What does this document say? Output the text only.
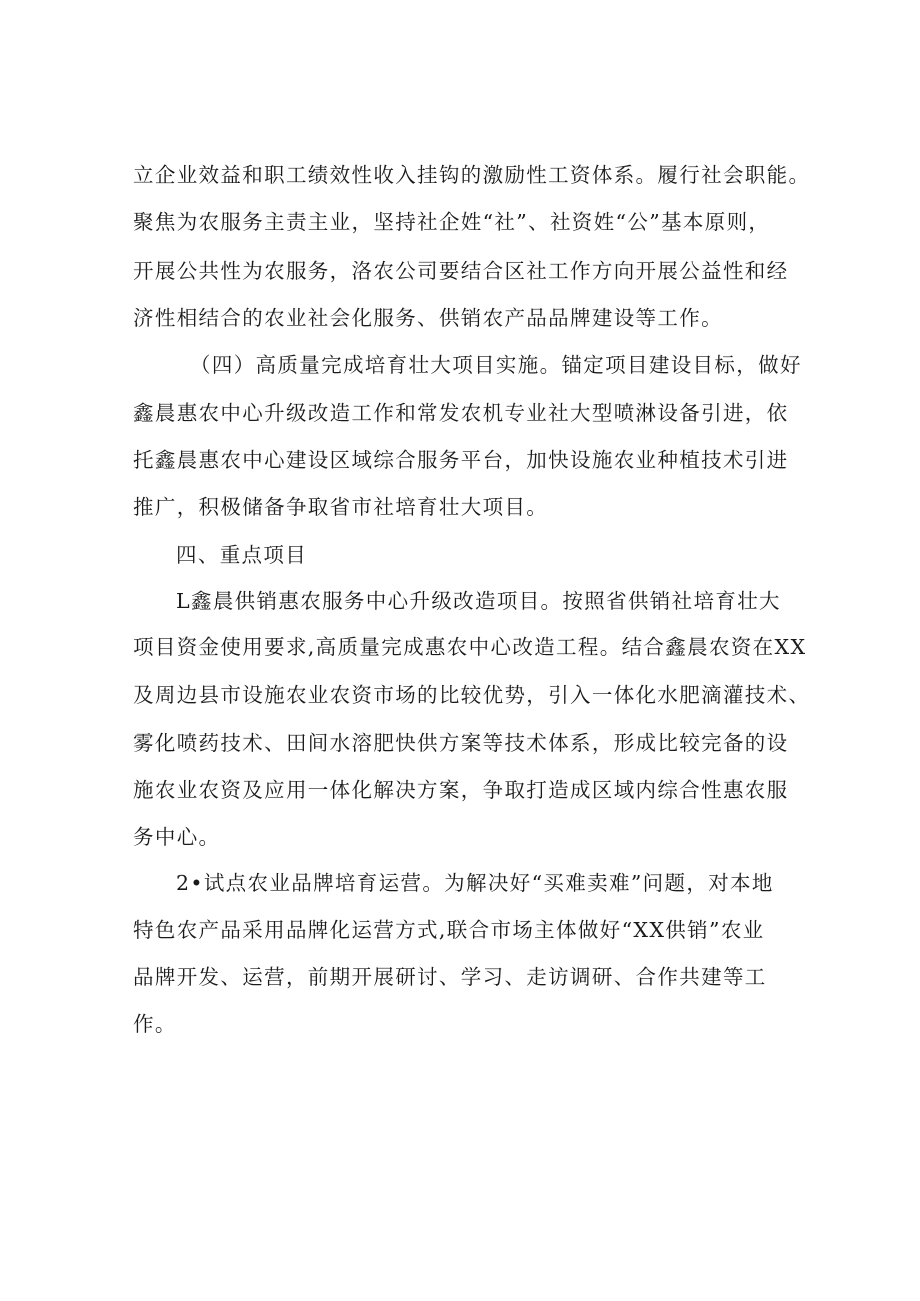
立企业效益和职工绩效性收入挂钩的激励性工资体系。履行社会职能。
聚焦为农服务主责主业，坚持社企姓“社”、社资姓“公”基本原则，
开展公共性为农服务，洛农公司要结合区社工作方向开展公益性和经
济性相结合的农业社会化服务、供销农产品品牌建设等工作。
（四）高质量完成培育壮大项目实施。锚定项目建设目标，做好
鑫晨惠农中心升级改造工作和常发农机专业社大型喷淋设备引进，依
托鑫晨惠农中心建设区域综合服务平台，加快设施农业种植技术引进
推广，积极储备争取省市社培育壮大项目。
四、重点项目
L鑫晨供销惠农服务中心升级改造项目。按照省供销社培育壮大
项目资金使用要求,高质量完成惠农中心改造工程。结合鑫晨农资在XX
及周边县市设施农业农资市场的比较优势，引入一体化水肥滴灌技术、
雾化喷药技术、田间水溶肥快供方案等技术体系，形成比较完备的设
施农业农资及应用一体化解决方案，争取打造成区域内综合性惠农服
务中心。
2•试点农业品牌培育运营。为解决好“买难卖难”问题，对本地
特色农产品采用品牌化运营方式,联合市场主体做好“XX供销”农业
品牌开发、运营，前期开展研讨、学习、走访调研、合作共建等工
作。
